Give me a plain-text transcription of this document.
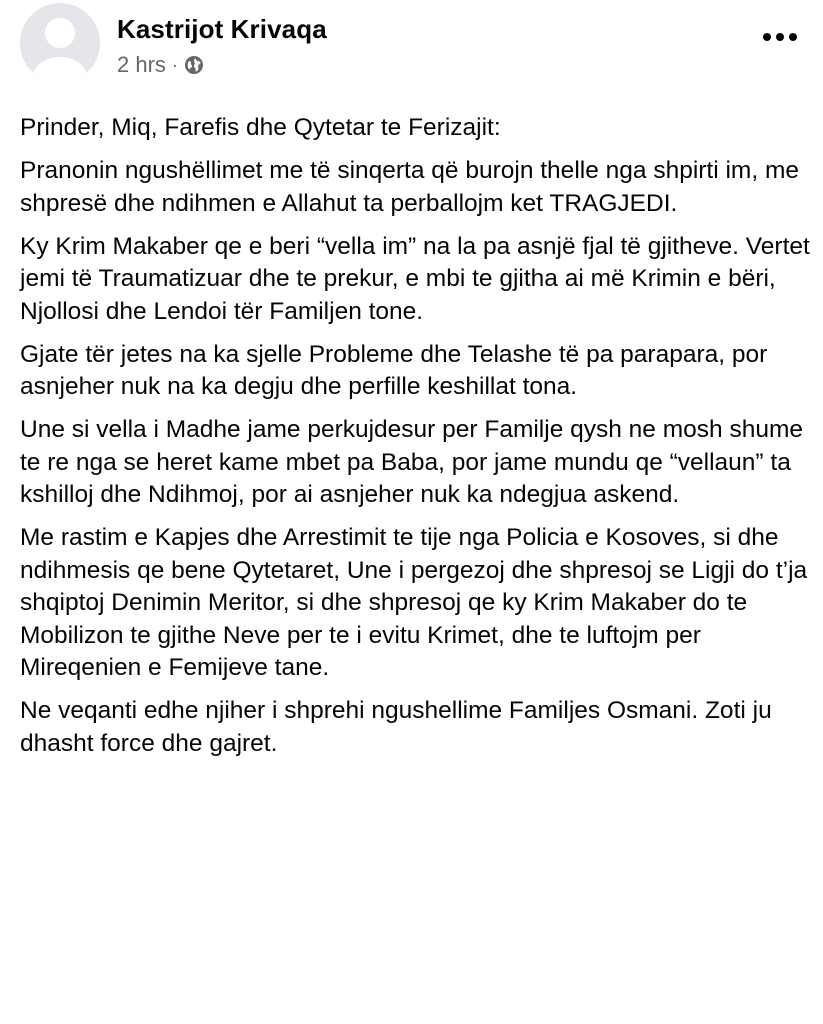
Kastrijot Krivaqa
2 hrs ·

Prinder, Miq, Farefis dhe Qytetar te Ferizajit:

Pranonin ngushëllimet me të sinqerta që burojn thelle nga shpirti im, me shpresë dhe ndihmen e Allahut ta perballojm ket TRAGJEDI.

Ky Krim Makaber qe e beri “vella im” na la pa asnjë fjal të gjitheve. Vertet jemi të Traumatizuar dhe te prekur, e mbi te gjitha ai më Krimin e bëri, Njollosi dhe Lendoi tër Familjen tone.

Gjate tër jetes na ka sjelle Probleme dhe Telashe të pa parapara, por asnjeher nuk na ka degju dhe perfille keshillat tona.

Une si vella i Madhe jame perkujdesur per Familje qysh ne mosh shume te re nga se heret kame mbet pa Baba, por jame mundu qe “vellaun” ta kshilloj dhe Ndihmoj, por ai asnjeher nuk ka ndegjua askend.

Me rastim e Kapjes dhe Arrestimit te tije nga Policia e Kosoves, si dhe ndihmesis qe bene Qytetaret, Une i pergezoj dhe shpresoj se Ligji do t’ja shqiptoj Denimin Meritor, si dhe shpresoj qe ky Krim Makaber do te Mobilizon te gjithe Neve per te i evitu Krimet, dhe te luftojm per Mireqenien e Femijeve tane.

Ne veqanti edhe njiher i shprehi ngushellime Familjes Osmani. Zoti ju dhasht force dhe gajret.
